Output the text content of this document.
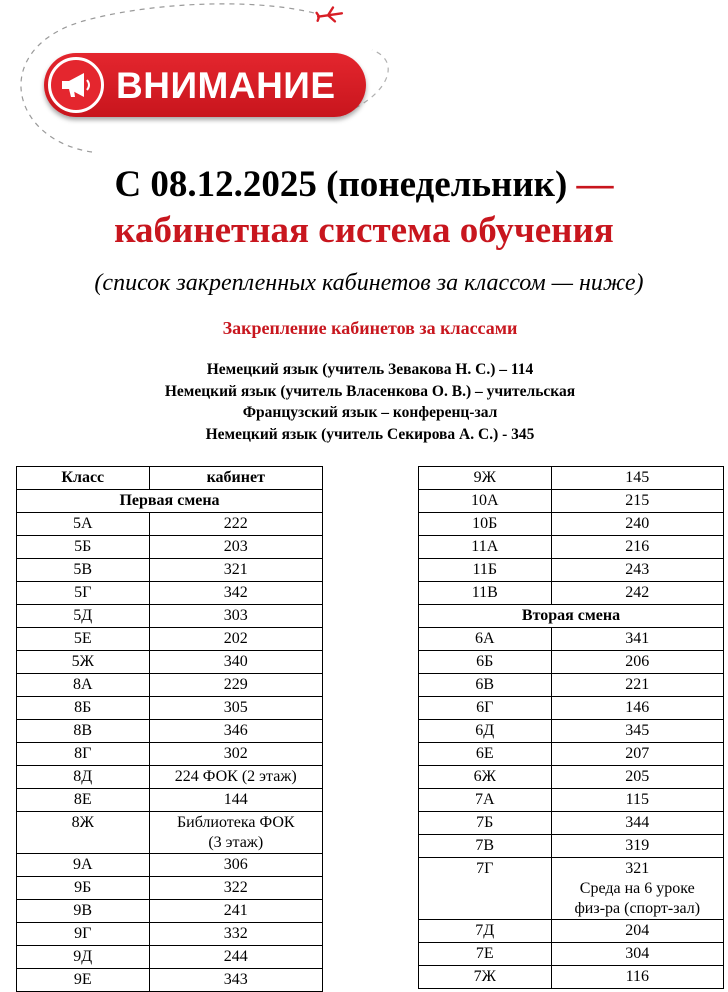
ВНИМАНИЕ
С 08.12.2025 (понедельник) —
кабинетная система обучения
(список закрепленных кабинетов за классом — ниже)
Закрепление кабинетов за классами
Немецкий язык (учитель Зевакова Н. С.) – 114
Немецкий язык (учитель Власенкова О. В.) – учительская
Французский язык – конференц-зал
Немецкий язык (учитель Секирова А. С.) - 345
Класс	кабинет
Первая смена	
5А	222
5Б	203
5В	321
5Г	342
5Д	303
5Е	202
5Ж	340
8А	229
8Б	305
8В	346
8Г	302
8Д	224 ФОК (2 этаж)
8Е	144
8Ж	Библиотека ФОК
(3 этаж)
9А	306
9Б	322
9В	241
9Г	332
9Д	244
9Е	343
9Ж	145
10А	215
10Б	240
11А	216
11Б	243
11В	242
Вторая смена	
6А	341
6Б	206
6В	221
6Г	146
6Д	345
6Е	207
6Ж	205
7А	115
7Б	344
7В	319
7Г	321
Среда на 6 уроке
физ-ра (спорт-зал)
7Д	204
7Е	304
7Ж	116
